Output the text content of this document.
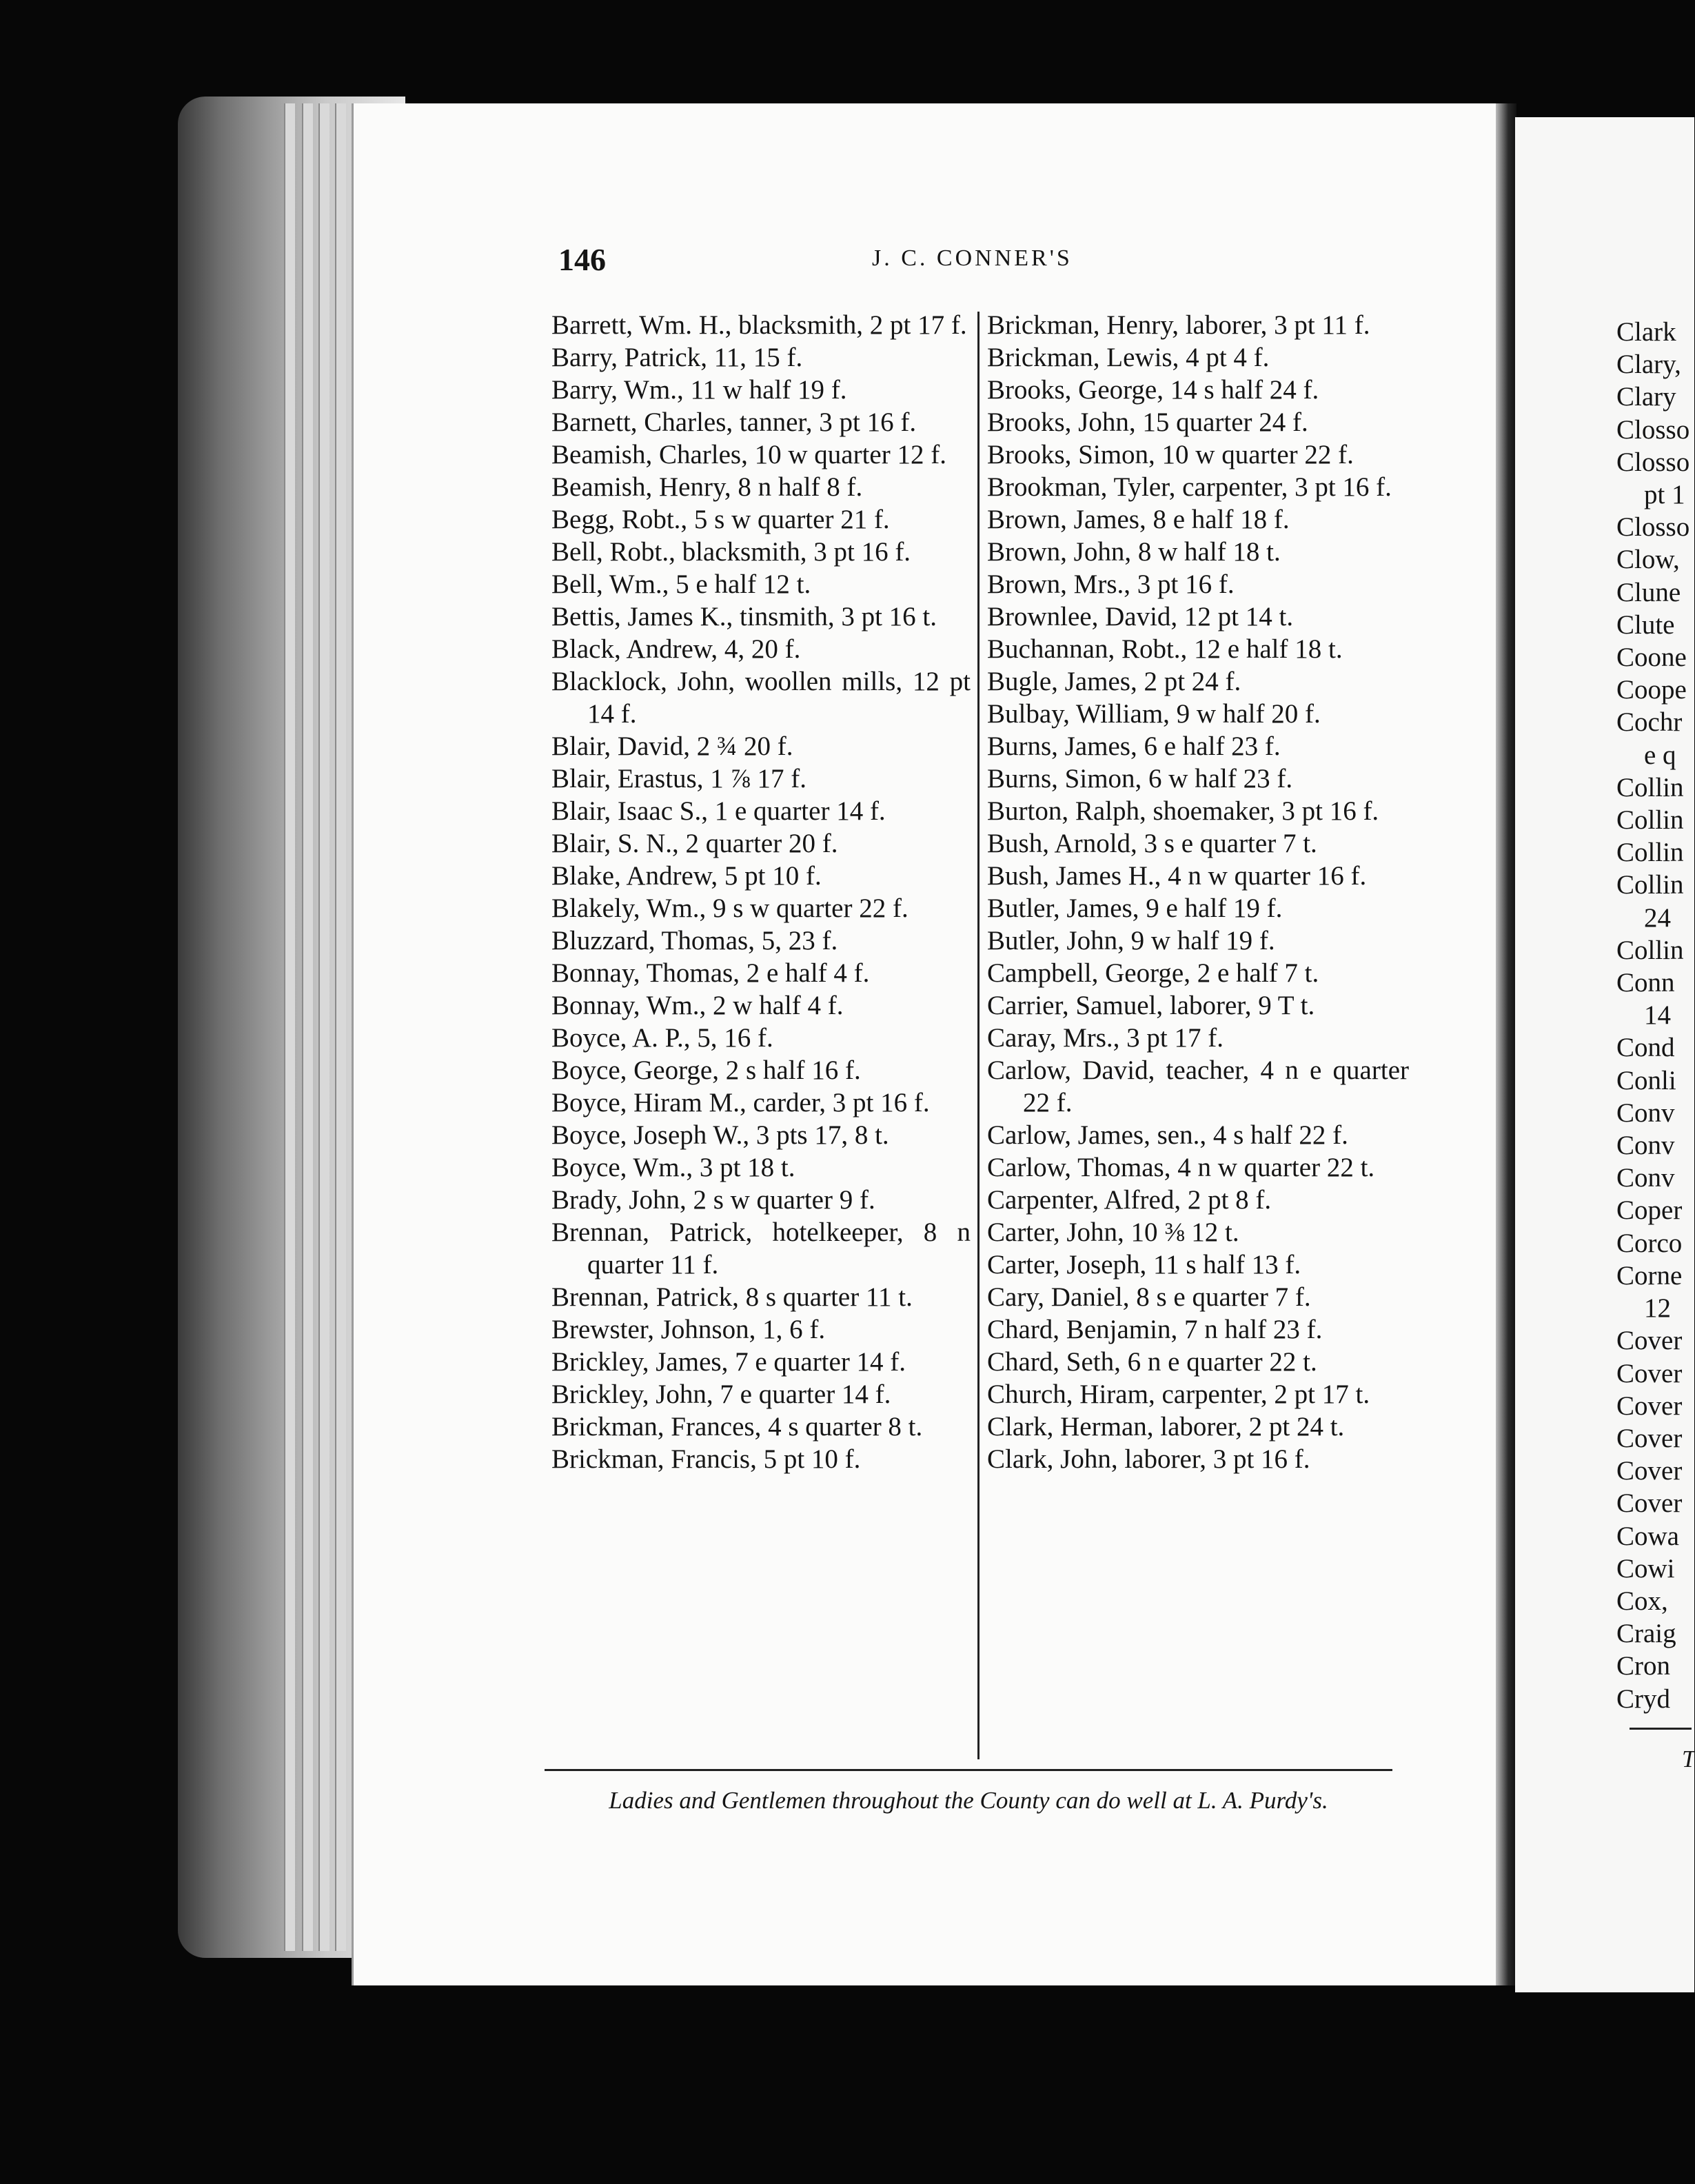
146	J. C. CONNER'S
Barrett, Wm. H., blacksmith, 2 pt 17 f.
Barry, Patrick, 11, 15 f.
Barry, Wm., 11 w half 19 f.
Barnett, Charles, tanner, 3 pt 16 f.
Beamish, Charles, 10 w quarter 12 f.
Beamish, Henry, 8 n half 8 f.
Begg, Robt., 5 s w quarter 21 f.
Bell, Robt., blacksmith, 3 pt 16 f.
Bell, Wm., 5 e half 12 t.
Bettis, James K., tinsmith, 3 pt 16 t.
Black, Andrew, 4, 20 f.
Blacklock, John, woollen mills, 12 pt 14 f.
Blair, David, 2 ¾ 20 f.
Blair, Erastus, 1 ⅞ 17 f.
Blair, Isaac S., 1 e quarter 14 f.
Blair, S. N., 2 quarter 20 f.
Blake, Andrew, 5 pt 10 f.
Blakely, Wm., 9 s w quarter 22 f.
Bluzzard, Thomas, 5, 23 f.
Bonnay, Thomas, 2 e half 4 f.
Bonnay, Wm., 2 w half 4 f.
Boyce, A. P., 5, 16 f.
Boyce, George, 2 s half 16 f.
Boyce, Hiram M., carder, 3 pt 16 f.
Boyce, Joseph W., 3 pts 17, 8 t.
Boyce, Wm., 3 pt 18 t.
Brady, John, 2 s w quarter 9 f.
Brennan, Patrick, hotelkeeper, 8 n quarter 11 f.
Brennan, Patrick, 8 s quarter 11 t.
Brewster, Johnson, 1, 6 f.
Brickley, James, 7 e quarter 14 f.
Brickley, John, 7 e quarter 14 f.
Brickman, Frances, 4 s quarter 8 t.
Brickman, Francis, 5 pt 10 f.
Brickman, Henry, laborer, 3 pt 11 f.
Brickman, Lewis, 4 pt 4 f.
Brooks, George, 14 s half 24 f.
Brooks, John, 15 quarter 24 f.
Brooks, Simon, 10 w quarter 22 f.
Brookman, Tyler, carpenter, 3 pt 16 f.
Brown, James, 8 e half 18 f.
Brown, John, 8 w half 18 t.
Brown, Mrs., 3 pt 16 f.
Brownlee, David, 12 pt 14 t.
Buchannan, Robt., 12 e half 18 t.
Bugle, James, 2 pt 24 f.
Bulbay, William, 9 w half 20 f.
Burns, James, 6 e half 23 f.
Burns, Simon, 6 w half 23 f.
Burton, Ralph, shoemaker, 3 pt 16 f.
Bush, Arnold, 3 s e quarter 7 t.
Bush, James H., 4 n w quarter 16 f.
Butler, James, 9 e half 19 f.
Butler, John, 9 w half 19 f.
Campbell, George, 2 e half 7 t.
Carrier, Samuel, laborer, 9 T t.
Caray, Mrs., 3 pt 17 f.
Carlow, David, teacher, 4 n e quarter 22 f.
Carlow, James, sen., 4 s half 22 f.
Carlow, Thomas, 4 n w quarter 22 t.
Carpenter, Alfred, 2 pt 8 f.
Carter, John, 10 ⅜ 12 t.
Carter, Joseph, 11 s half 13 f.
Cary, Daniel, 8 s e quarter 7 f.
Chard, Benjamin, 7 n half 23 f.
Chard, Seth, 6 n e quarter 22 t.
Church, Hiram, carpenter, 2 pt 17 t.
Clark, Herman, laborer, 2 pt 24 t.
Clark, John, laborer, 3 pt 16 f.
Ladies and Gentlemen throughout the County can do well at L. A. Purdy's.
Clark
Clary,
Clary
Closso
Closso
pt 1
Closso
Clow,
Clune
Clute
Coone
Coope
Cochr
e q
Collin
Collin
Collin
Collin
24
Collin
Conn
14
Cond
Conli
Conv
Conv
Conv
Coper
Corco
Corne
12
Cover
Cover
Cover
Cover
Cover
Cover
Cowa
Cowi
Cox,
Craig
Cron
Cryd
T
